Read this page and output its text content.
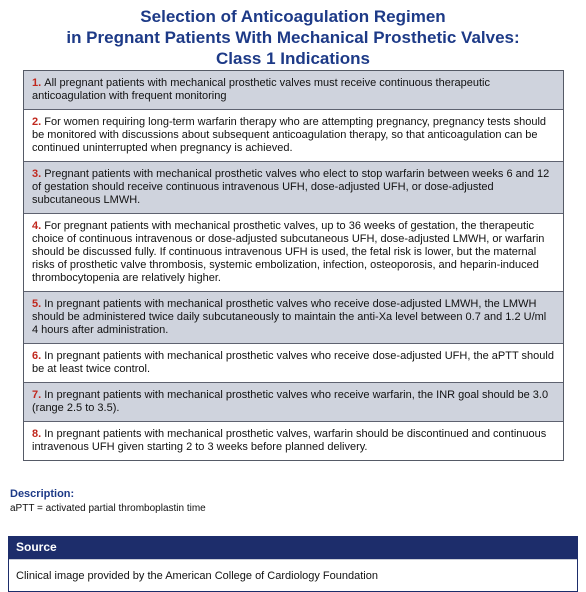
Selection of Anticoagulation Regimen
in Pregnant Patients With Mechanical Prosthetic Valves:
Class 1 Indications
1. All pregnant patients with mechanical prosthetic valves must receive continuous therapeutic anticoagulation with frequent monitoring
2. For women requiring long-term warfarin therapy who are attempting pregnancy, pregnancy tests should be monitored with discussions about subsequent anticoagulation therapy, so that anticoagulation can be continued uninterrupted when pregnancy is achieved.
3. Pregnant patients with mechanical prosthetic valves who elect to stop warfarin between weeks 6 and 12 of gestation should receive continuous intravenous UFH, dose-adjusted UFH, or dose-adjusted subcutaneous LMWH.
4. For pregnant patients with mechanical prosthetic valves, up to 36 weeks of gestation, the therapeutic choice of continuous intravenous or dose-adjusted subcutaneous UFH, dose-adjusted LMWH, or warfarin should be discussed fully. If continuous intravenous UFH is used, the fetal risk is lower, but the maternal risks of prosthetic valve thrombosis, systemic embolization, infection, osteoporosis, and heparin-induced thrombocytopenia are relatively higher.
5. In pregnant patients with mechanical prosthetic valves who receive dose-adjusted LMWH, the LMWH should be administered twice daily subcutaneously to maintain the anti-Xa level between 0.7 and 1.2 U/ml 4 hours after administration.
6. In pregnant patients with mechanical prosthetic valves who receive dose-adjusted UFH, the aPTT should be at least twice control.
7. In pregnant patients with mechanical prosthetic valves who receive warfarin, the INR goal should be 3.0 (range 2.5 to 3.5).
8. In pregnant patients with mechanical prosthetic valves, warfarin should be discontinued and continuous intravenous UFH given starting 2 to 3 weeks before planned delivery.
Description:
aPTT = activated partial thromboplastin time
Source
Clinical image provided by the American College of Cardiology Foundation
